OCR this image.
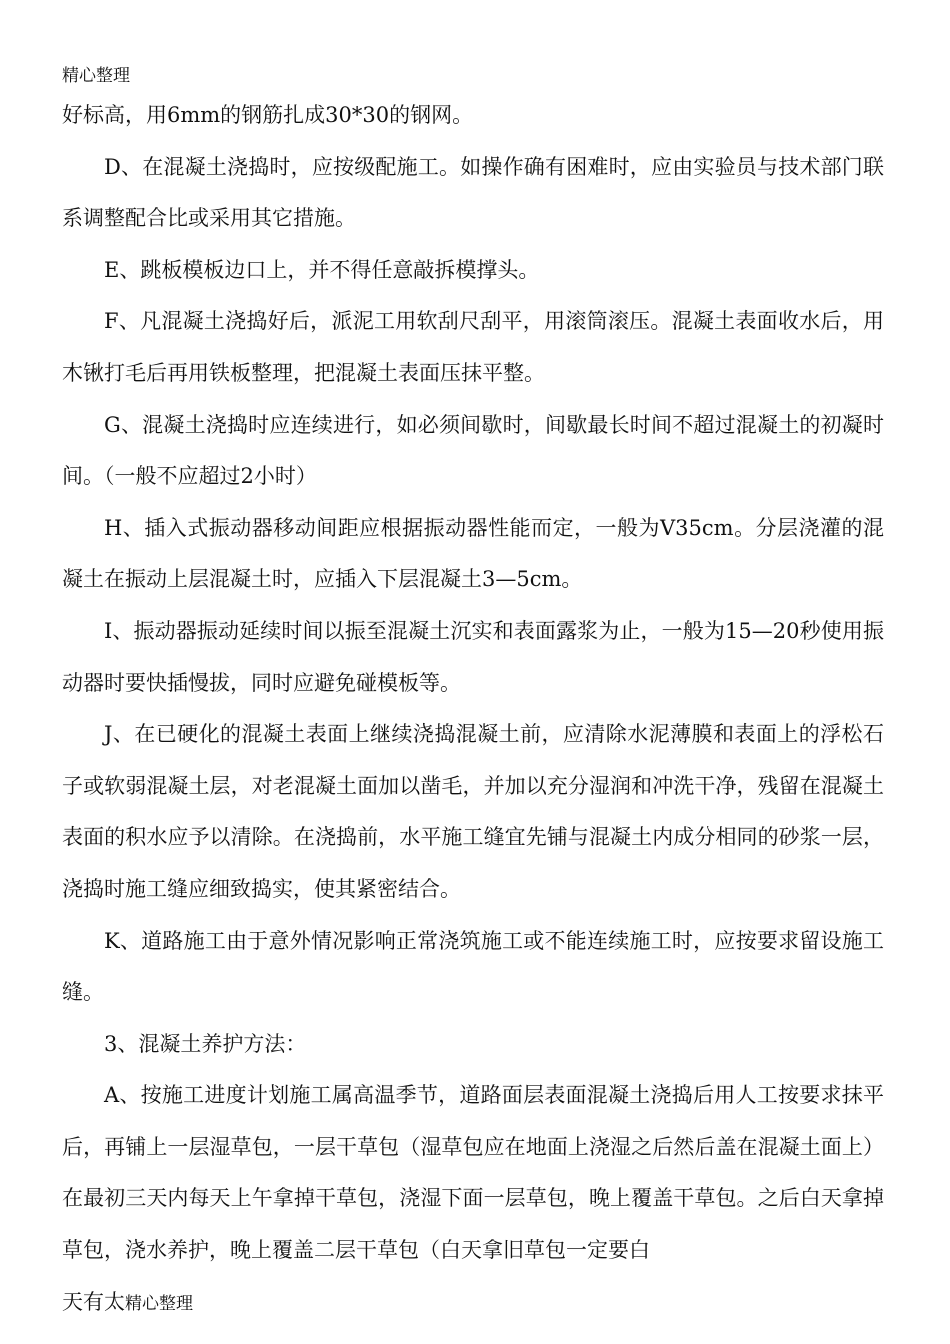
精心整理

好标高，用6mm的钢筋扎成30*30的钢网。

D、在混凝土浇捣时，应按级配施工。如操作确有困难时，应由实验员与技术部门联系调整配合比或采用其它措施。

E、跳板模板边口上，并不得任意敲拆模撑头。

F、凡混凝土浇捣好后，派泥工用软刮尺刮平，用滚筒滚压。混凝土表面收水后，用木锹打毛后再用铁板整理，把混凝土表面压抹平整。

G、混凝土浇捣时应连续进行，如必须间歇时，间歇最长时间不超过混凝土的初凝时间。（一般不应超过2小时）

H、插入式振动器移动间距应根据振动器性能而定，一般为V35cm。分层浇灌的混凝土在振动上层混凝土时，应插入下层混凝土3—5cm。

I、振动器振动延续时间以振至混凝土沉实和表面露浆为止，一般为15—20秒使用振动器时要快插慢拔，同时应避免碰模板等。

J、在已硬化的混凝土表面上继续浇捣混凝土前，应清除水泥薄膜和表面上的浮松石子或软弱混凝土层，对老混凝土面加以凿毛，并加以充分湿润和冲洗干净，残留在混凝土表面的积水应予以清除。在浇捣前，水平施工缝宜先铺与混凝土内成分相同的砂浆一层，浇捣时施工缝应细致捣实，使其紧密结合。

K、道路施工由于意外情况影响正常浇筑施工或不能连续施工时，应按要求留设施工缝。

3、混凝土养护方法：

A、按施工进度计划施工属高温季节，道路面层表面混凝土浇捣后用人工按要求抹平后，再铺上一层湿草包，一层干草包（湿草包应在地面上浇湿之后然后盖在混凝土面上）在最初三天内每天上午拿掉干草包，浇湿下面一层草包，晚上覆盖干草包。之后白天拿掉草包，浇水养护，晚上覆盖二层干草包（白天拿旧草包一定要白

天有太精心整理
